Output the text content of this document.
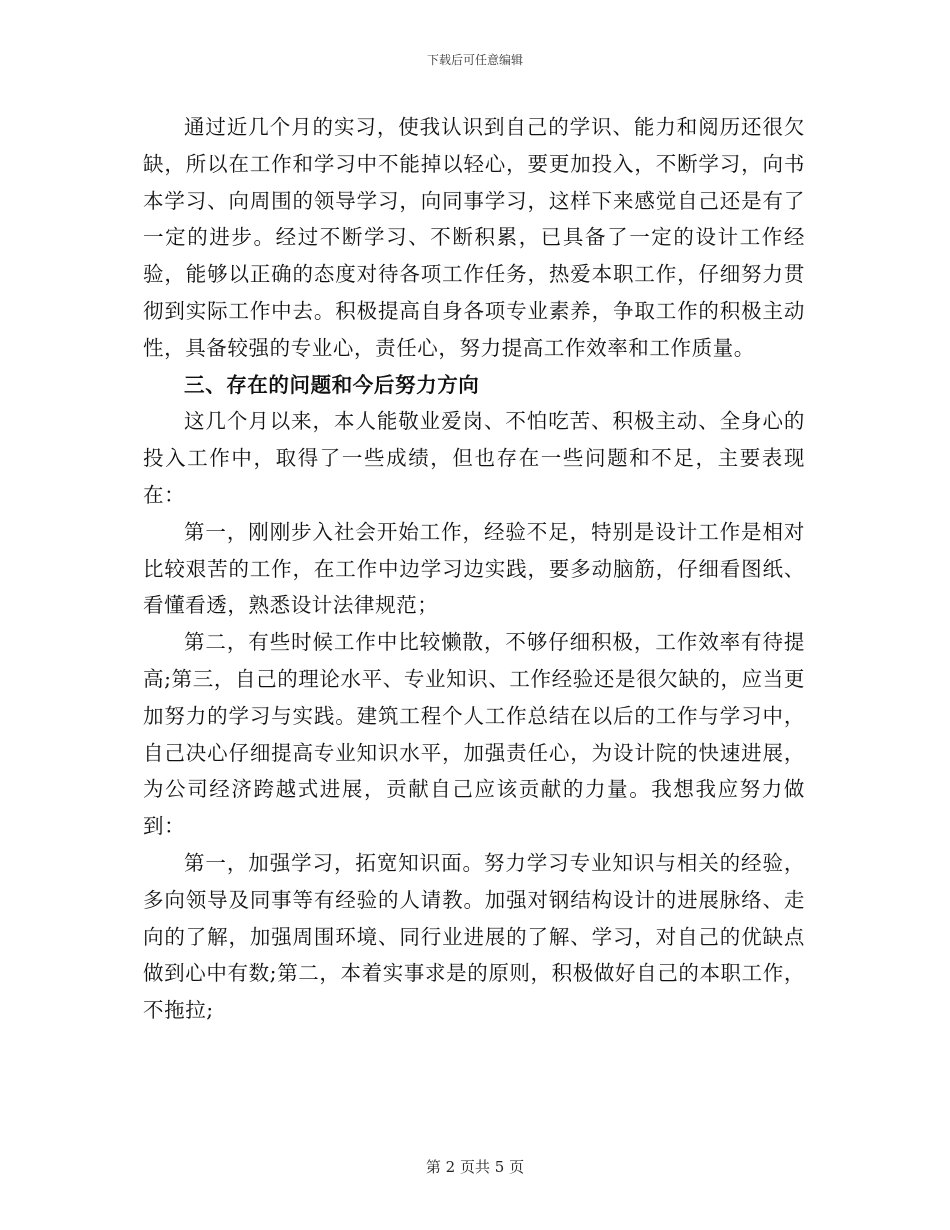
下载后可任意编辑

通过近几个月的实习，使我认识到自己的学识、能力和阅历还很欠缺，所以在工作和学习中不能掉以轻心，要更加投入，不断学习，向书本学习、向周围的领导学习，向同事学习，这样下来感觉自己还是有了一定的进步。经过不断学习、不断积累，已具备了一定的设计工作经验，能够以正确的态度对待各项工作任务，热爱本职工作，仔细努力贯彻到实际工作中去。积极提高自身各项专业素养，争取工作的积极主动性，具备较强的专业心，责任心，努力提高工作效率和工作质量。

三、存在的问题和今后努力方向

这几个月以来，本人能敬业爱岗、不怕吃苦、积极主动、全身心的投入工作中，取得了一些成绩，但也存在一些问题和不足，主要表现在：

第一，刚刚步入社会开始工作，经验不足，特别是设计工作是相对比较艰苦的工作，在工作中边学习边实践，要多动脑筋，仔细看图纸、看懂看透，熟悉设计法律规范；

第二，有些时候工作中比较懒散，不够仔细积极，工作效率有待提高;第三，自己的理论水平、专业知识、工作经验还是很欠缺的，应当更加努力的学习与实践。建筑工程个人工作总结在以后的工作与学习中，自己决心仔细提高专业知识水平，加强责任心，为设计院的快速进展，为公司经济跨越式进展，贡献自己应该贡献的力量。我想我应努力做到：

第一，加强学习，拓宽知识面。努力学习专业知识与相关的经验，多向领导及同事等有经验的人请教。加强对钢结构设计的进展脉络、走向的了解，加强周围环境、同行业进展的了解、学习，对自己的优缺点做到心中有数;第二，本着实事求是的原则，积极做好自己的本职工作，不拖拉;

第 2 页共 5 页
